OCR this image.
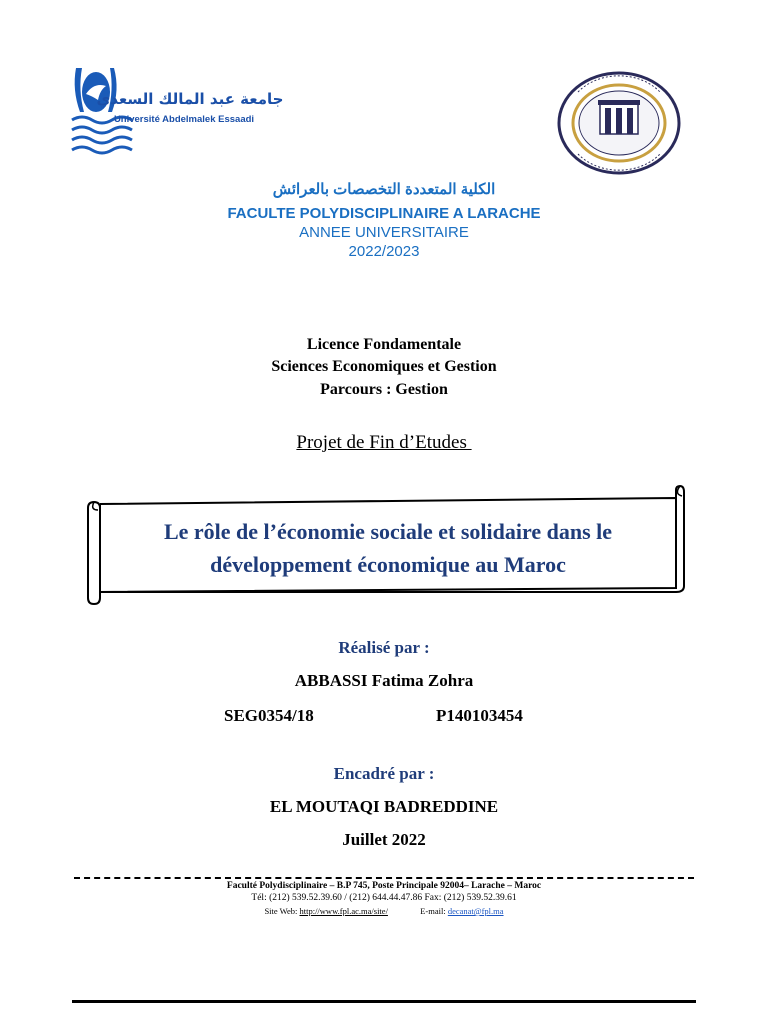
جامعة عبد المالك السعدي
Université Abdelmalek Essaadi
الكلية المتعددة التخصصات بالعرائش
FACULTE POLYDISCIPLINAIRE A LARACHE
ANNEE UNIVERSITAIRE
2022/2023
Licence Fondamentale
Sciences Economiques et Gestion
Parcours : Gestion
Projet de Fin d’Etudes
Le rôle de l’économie sociale et solidaire dans le
développement économique au Maroc
Réalisé par :
ABBASSI Fatima Zohra
SEG0354/18	P140103454
Encadré par :
EL MOUTAQI BADREDDINE
Juillet 2022
Faculté Polydisciplinaire – B.P 745, Poste Principale 92004– Larache – Maroc
Tél: (212) 539.52.39.60 / (212) 644.44.47.86 Fax: (212) 539.52.39.61
Site Web: http://www.fpl.ac.ma/site/	E-mail: decanat@fpl.ma
